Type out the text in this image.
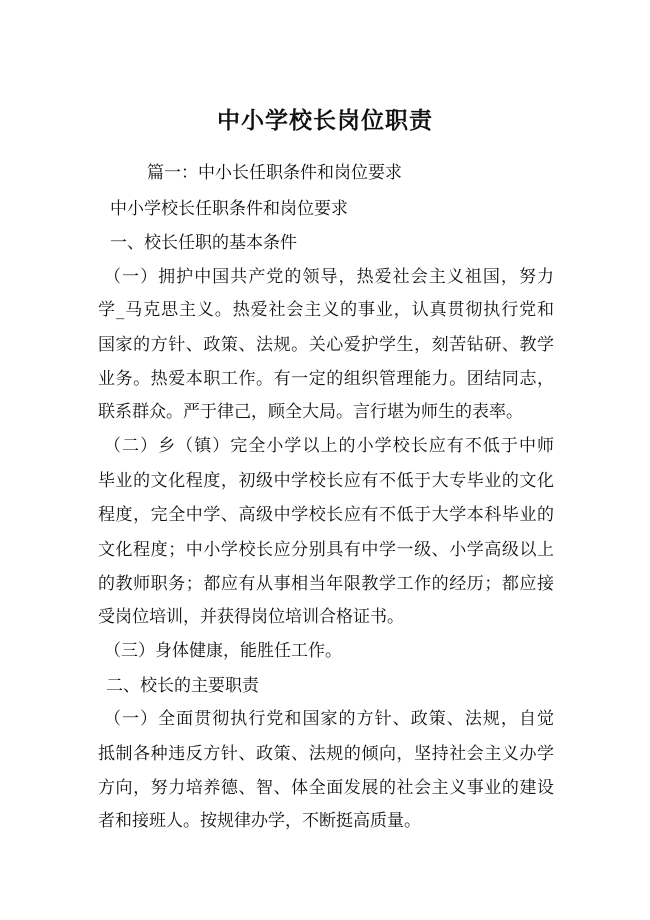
中小学校长岗位职责

篇一：中小长任职条件和岗位要求

中小学校长任职条件和岗位要求

一、校长任职的基本条件

（一）拥护中国共产党的领导，热爱社会主义祖国，努力

学_马克思主义。热爱社会主义的事业，认真贯彻执行党和

国家的方针、政策、法规。关心爱护学生，刻苦钻研、教学

业务。热爱本职工作。有一定的组织管理能力。团结同志，

联系群众。严于律己，顾全大局。言行堪为师生的表率。

（二）乡（镇）完全小学以上的小学校长应有不低于中师

毕业的文化程度，初级中学校长应有不低于大专毕业的文化

程度，完全中学、高级中学校长应有不低于大学本科毕业的

文化程度；中小学校长应分别具有中学一级、小学高级以上

的教师职务；都应有从事相当年限教学工作的经历；都应接

受岗位培训，并获得岗位培训合格证书。

（三）身体健康，能胜任工作。

二、校长的主要职责

（一）全面贯彻执行党和国家的方针、政策、法规，自觉

抵制各种违反方针、政策、法规的倾向，坚持社会主义办学

方向，努力培养德、智、体全面发展的社会主义事业的建设

者和接班人。按规律办学，不断挺高质量。
